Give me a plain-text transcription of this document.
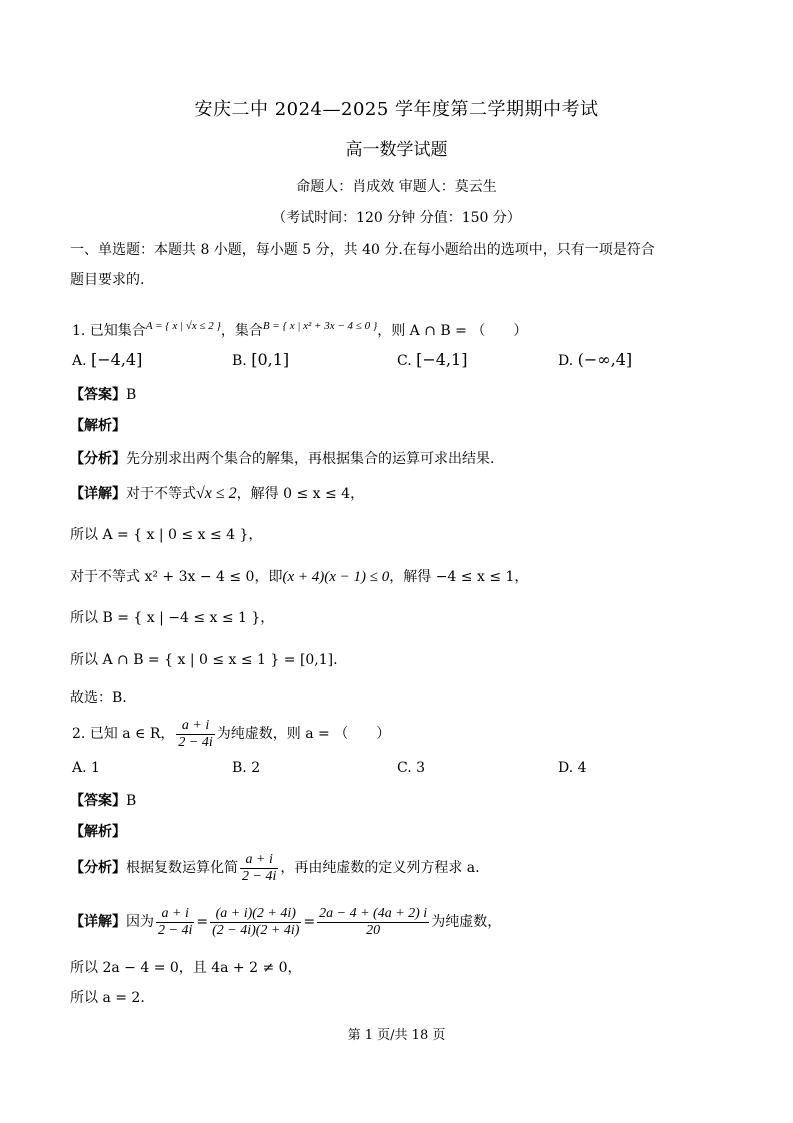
安庆二中 2024—2025 学年度第二学期期中考试
高一数学试题
命题人：肖成效 审题人：莫云生
（考试时间：120 分钟 分值：150 分）
一、单选题：本题共 8 小题，每小题 5 分，共 40 分.在每小题给出的选项中，只有一项是符合
题目要求的.
1. 已知集合$^{A = \{ x | √x \le 2 \}}$，集合$^{B = \{ x | x^2 + 3x - 4 \le 0 \}}$，则 A ∩ B = （　　）
A. [−4,4]	B. [0,1]	C. [−4,1]	D. (−∞,4]
【答案】B
【解析】
【分析】先分别求出两个集合的解集，再根据集合的运算可求出结果.
【详解】对于不等式√x ≤ 2，解得 0 ≤ x ≤ 4，
所以 A = { x | 0 ≤ x ≤ 4 }，
对于不等式 x² + 3x − 4 ≤ 0，即(x + 4)(x − 1) ≤ 0，解得 −4 ≤ x ≤ 1，
所以 B = { x | −4 ≤ x ≤ 1 }，
所以 A ∩ B = { x | 0 ≤ x ≤ 1 } = [0,1].
故选：B.
2. 已知 a ∈ R， $\frac{a + i}{2 - 4i}$ 为纯虚数，则 a = （　　）
A. 1	B. 2	C. 3	D. 4
【答案】B
【解析】
【分析】根据复数运算化简 $\frac{a + i}{2 - 4i}$ ，再由纯虚数的定义列方程求 a.
【详解】因为 $\frac{a + i}{2 - 4i} = \frac{(a + i)(2 + 4i)}{(2 - 4i)(2 + 4i)} = \frac{2a - 4 + (4a + 2) i}{20}$ 为纯虚数，
所以 2a − 4 = 0，且 4a + 2 ≠ 0，
所以 a = 2.
第 1 页/共 18 页
